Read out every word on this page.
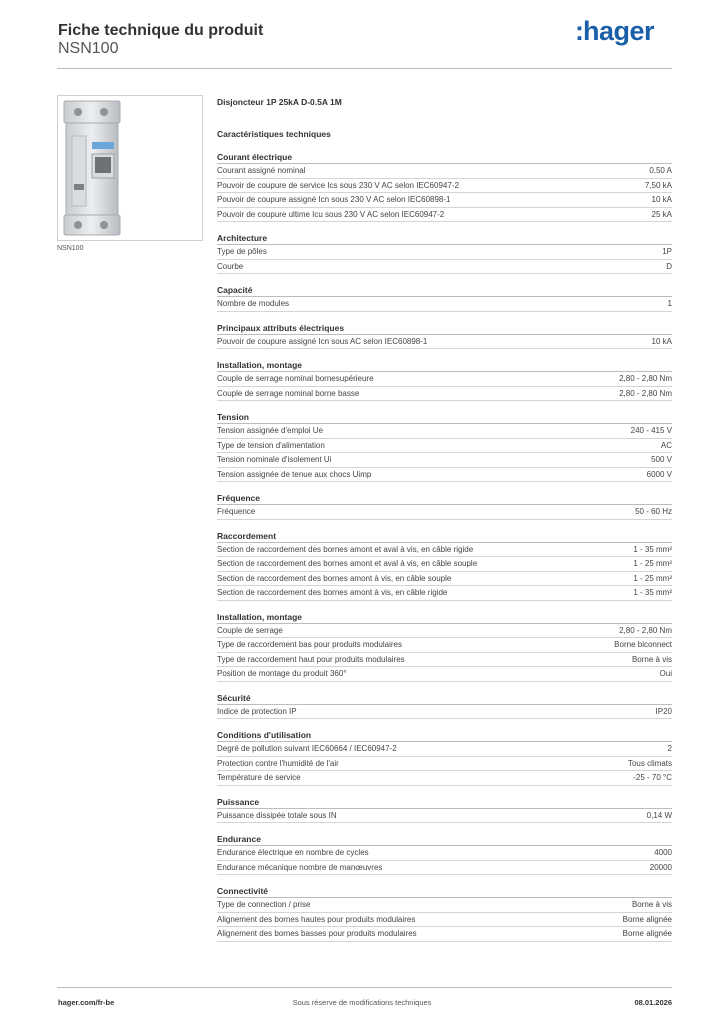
Fiche technique du produit
NSN100
:hager
NSN100
Disjoncteur 1P 25kA D-0.5A 1M
Caractéristiques techniques
Courant électrique
Courant assigné nominal	0,50 A
Pouvoir de coupure de service Ics sous 230 V AC selon IEC60947-2	7,50 kA
Pouvoir de coupure assigné Icn sous 230 V AC selon IEC60898-1	10 kA
Pouvoir de coupure ultime Icu sous 230 V AC selon IEC60947-2	25 kA
Architecture
Type de pôles	1P
Courbe	D
Capacité
Nombre de modules	1
Principaux attributs électriques
Pouvoir de coupure assigné Icn sous AC selon IEC60898-1	10 kA
Installation, montage
Couple de serrage nominal bornesupérieure	2,80 - 2,80 Nm
Couple de serrage nominal borne basse	2,80 - 2,80 Nm
Tension
Tension assignée d'emploi Ue	240 - 415 V
Type de tension d'alimentation	AC
Tension nominale d'isolement Ui	500 V
Tension assignée de tenue aux chocs Uimp	6000 V
Fréquence
Fréquence	50 - 60 Hz
Raccordement
Section de raccordement des bornes amont et aval à vis, en câble rigide	1 - 35 mm²
Section de raccordement des bornes amont et aval à vis, en câble souple	1 - 25 mm²
Section de raccordement des bornes amont à vis, en câble souple	1 - 25 mm²
Section de raccordement des bornes amont à vis, en câble rigide	1 - 35 mm²
Installation, montage
Couple de serrage	2,80 - 2,80 Nm
Type de raccordement bas pour produits modulaires	Borne biconnect
Type de raccordement haut pour produits modulaires	Borne à vis
Position de montage du produit 360°	Oui
Sécurité
Indice de protection IP	IP20
Conditions d'utilisation
Degré de pollution suivant IEC60664 / IEC60947-2	2
Protection contre l'humidité de l'air	Tous climats
Température de service	-25 - 70 °C
Puissance
Puissance dissipée totale sous IN	0,14 W
Endurance
Endurance électrique en nombre de cycles	4000
Endurance mécanique nombre de manœuvres	20000
Connectivité
Type de connection / prise	Borne à vis
Alignement des bornes hautes pour produits modulaires	Borne alignée
Alignement des bornes basses pour produits modulaires	Borne alignée
hager.com/fr-be	Sous réserve de modifications techniques	08.01.2026
